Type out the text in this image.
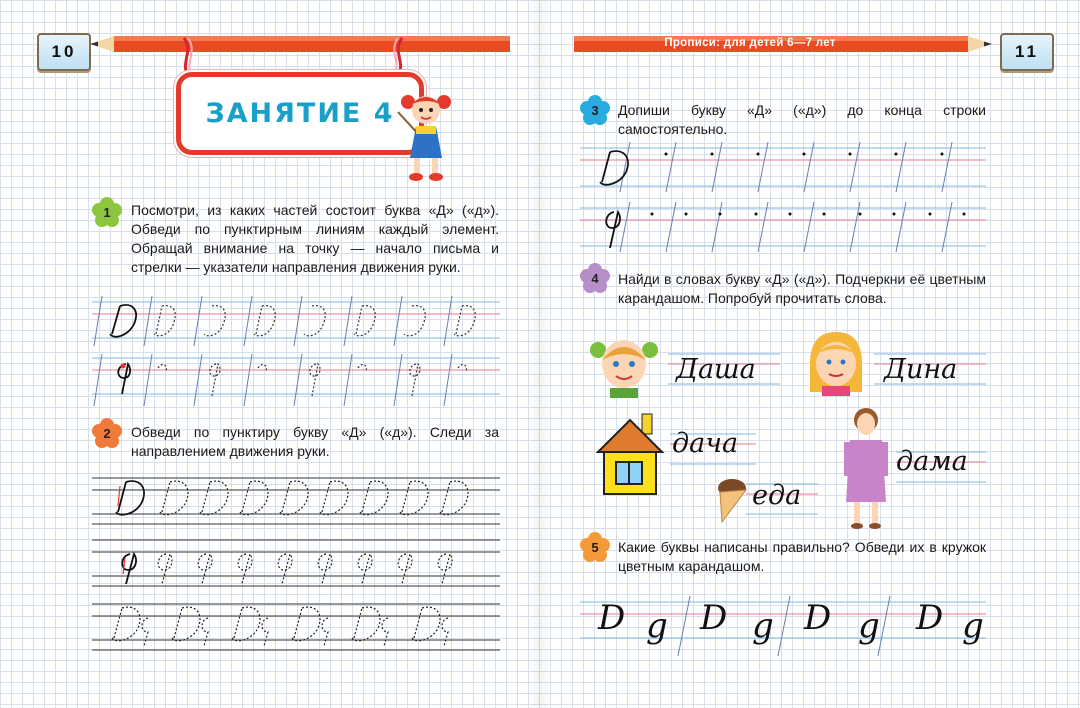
10	11
Прописи: для детей 6—7 лет
ЗАНЯТИЕ 4
1
2
3
4
5
Посмотри, из каких частей состоит буква «Д» («д»). Обведи по пунктирным линиям каждый элемент. Обращай внимание на точку — начало письма и стрелки — указатели направления движения руки.
Обведи по пунктиру букву «Д» («д»). Следи за направлением движения руки.
Допиши букву «Д» («д») до конца строки самостоятельно.
Найди в словах букву «Д» («д»). Подчеркни её цветным карандашом. Попробуй прочитать слова.
Какие буквы написаны правильно? Обведи их в кружок цветным карандашом.
Даша	Дина
дача
еда
дама
D g D g D g D g
